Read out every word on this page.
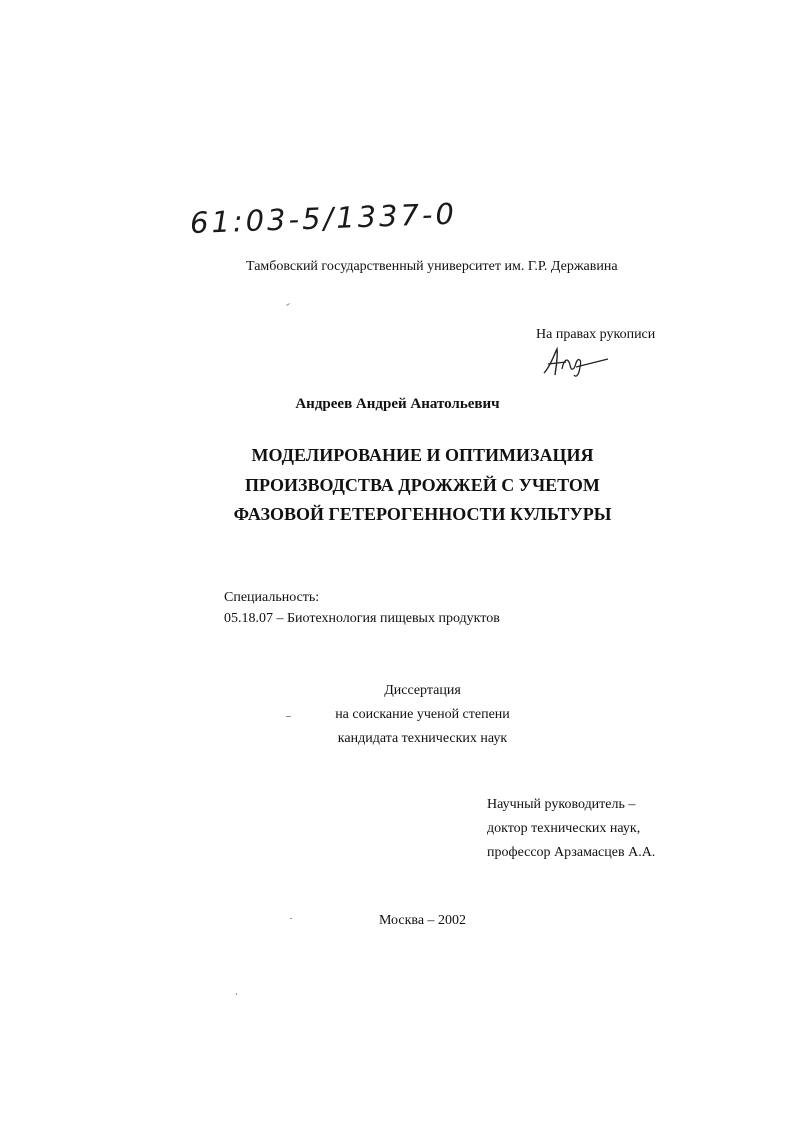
61:03-5/1337-0
Тамбовский государственный университет им. Г.Р. Державина
На правах рукописи
Андреев Андрей Анатольевич
МОДЕЛИРОВАНИЕ И ОПТИМИЗАЦИЯ
ПРОИЗВОДСТВА ДРОЖЖЕЙ С УЧЕТОМ
ФАЗОВОЙ ГЕТЕРОГЕННОСТИ КУЛЬТУРЫ
Специальность:
05.18.07 – Биотехнология пищевых продуктов
Диссертация
на соискание ученой степени
кандидата технических наук
Научный руководитель –
доктор технических наук,
профессор Арзамасцев А.А.
Москва – 2002
